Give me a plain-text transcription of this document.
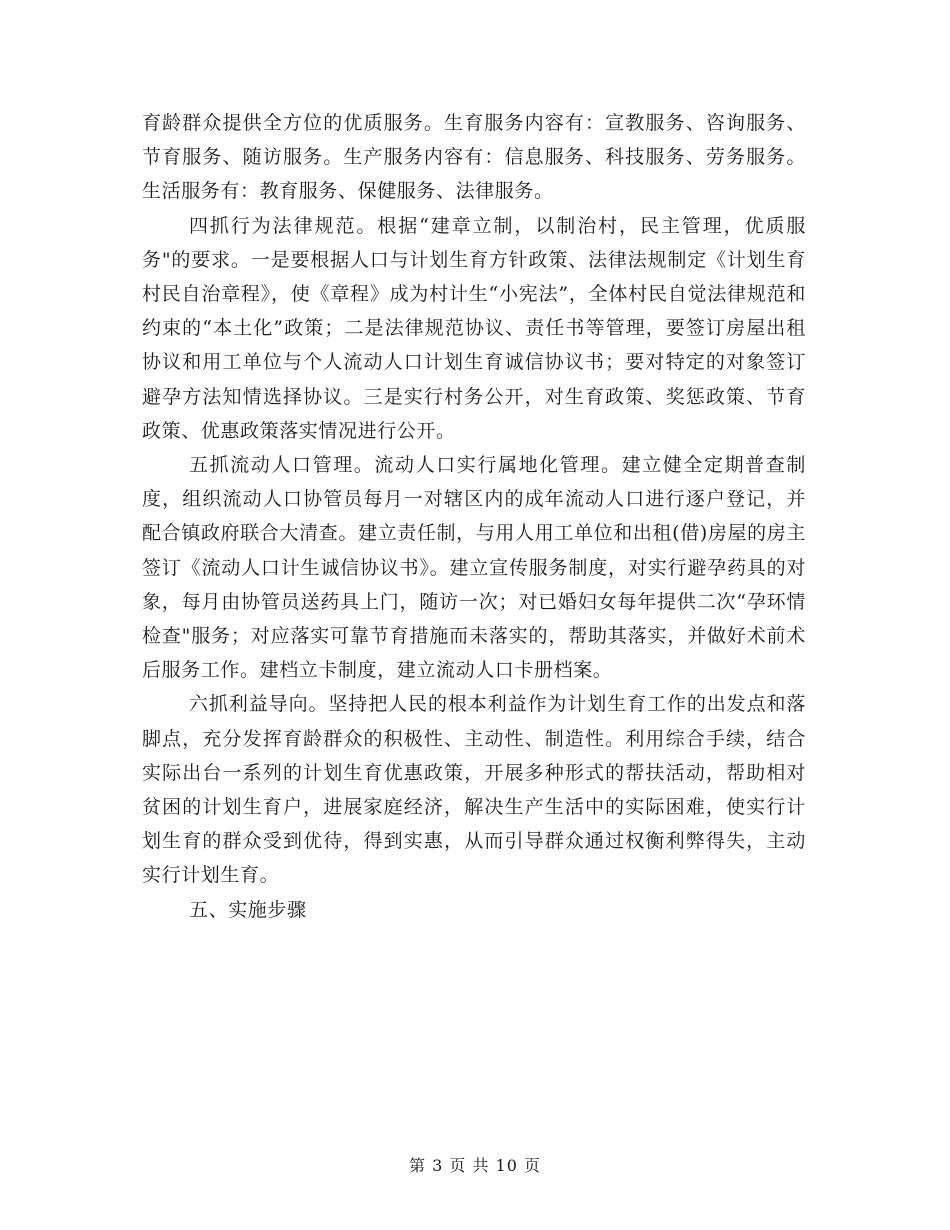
育龄群众提供全方位的优质服务。生育服务内容有：宣教服务、咨询服务、节育服务、随访服务。生产服务内容有：信息服务、科技服务、劳务服务。生活服务有：教育服务、保健服务、法律服务。

四抓行为法律规范。根据“建章立制，以制治村，民主管理，优质服务"的要求。一是要根据人口与计划生育方针政策、法律法规制定《计划生育村民自治章程》，使《章程》成为村计生“小宪法”，全体村民自觉法律规范和约束的“本土化”政策；二是法律规范协议、责任书等管理，要签订房屋出租协议和用工单位与个人流动人口计划生育诚信协议书；要对特定的对象签订避孕方法知情选择协议。三是实行村务公开，对生育政策、奖惩政策、节育政策、优惠政策落实情况进行公开。

五抓流动人口管理。流动人口实行属地化管理。建立健全定期普查制度，组织流动人口协管员每月一对辖区内的成年流动人口进行逐户登记，并配合镇政府联合大清查。建立责任制，与用人用工单位和出租(借)房屋的房主签订《流动人口计生诚信协议书》。建立宣传服务制度，对实行避孕药具的对象，每月由协管员送药具上门，随访一次；对已婚妇女每年提供二次“孕环情检查"服务；对应落实可靠节育措施而未落实的，帮助其落实，并做好术前术后服务工作。建档立卡制度，建立流动人口卡册档案。

六抓利益导向。坚持把人民的根本利益作为计划生育工作的出发点和落脚点，充分发挥育龄群众的积极性、主动性、制造性。利用综合手续，结合实际出台一系列的计划生育优惠政策，开展多种形式的帮扶活动，帮助相对贫困的计划生育户，进展家庭经济，解决生产生活中的实际困难，使实行计划生育的群众受到优待，得到实惠，从而引导群众通过权衡利弊得失，主动实行计划生育。

五、实施步骤

第 3 页 共 10 页
